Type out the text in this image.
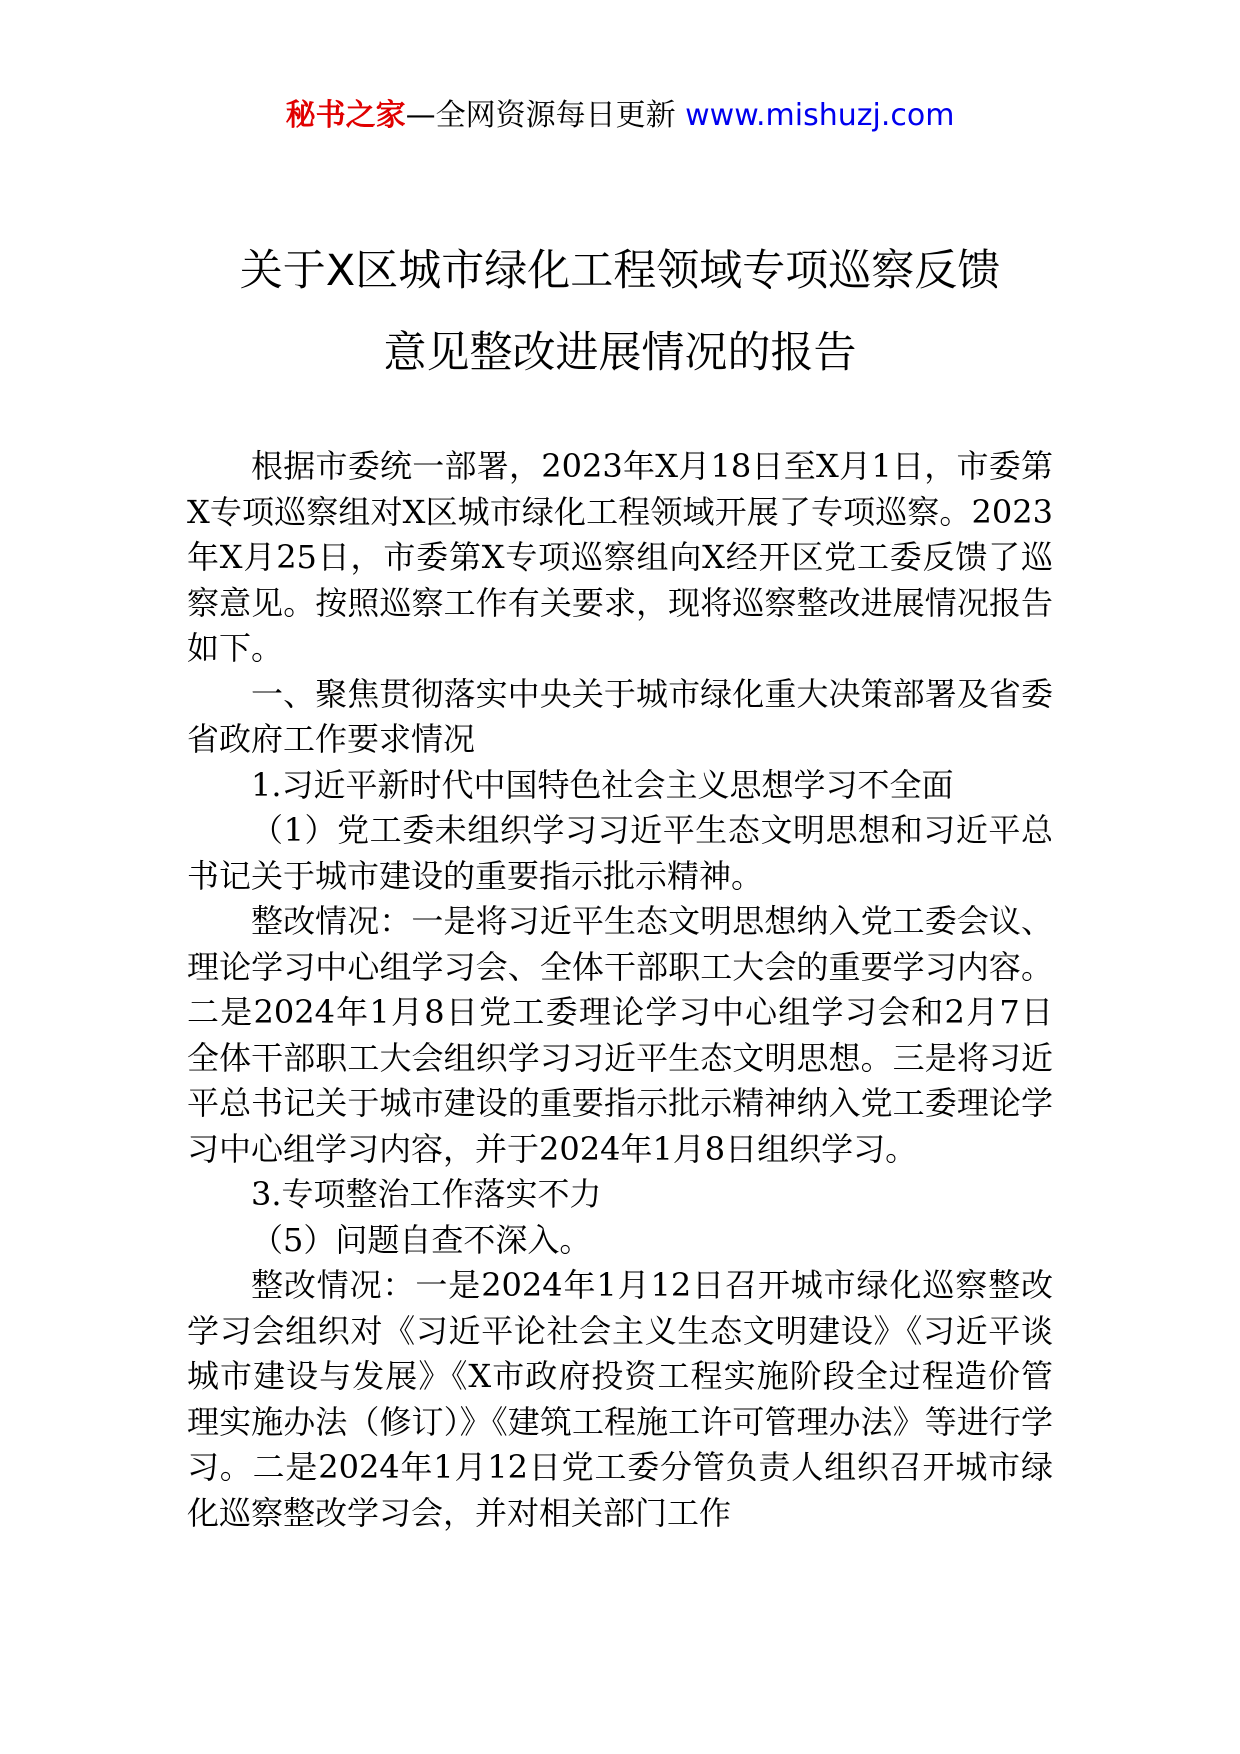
秘书之家—全网资源每日更新 www.mishuzj.com
关于X区城市绿化工程领域专项巡察反馈
意见整改进展情况的报告

根据市委统一部署，2023年X月18日至X月1日，市委第X专项巡察组对X区城市绿化工程领域开展了专项巡察。2023年X月25日，市委第X专项巡察组向X经开区党工委反馈了巡察意见。按照巡察工作有关要求，现将巡察整改进展情况报告如下。

一、聚焦贯彻落实中央关于城市绿化重大决策部署及省委省政府工作要求情况

1.习近平新时代中国特色社会主义思想学习不全面

（1）党工委未组织学习习近平生态文明思想和习近平总书记关于城市建设的重要指示批示精神。

整改情况：一是将习近平生态文明思想纳入党工委会议、理论学习中心组学习会、全体干部职工大会的重要学习内容。二是2024年1月8日党工委理论学习中心组学习会和2月7日全体干部职工大会组织学习习近平生态文明思想。三是将习近平总书记关于城市建设的重要指示批示精神纳入党工委理论学习中心组学习内容，并于2024年1月8日组织学习。

3.专项整治工作落实不力

（5）问题自查不深入。

整改情况：一是2024年1月12日召开城市绿化巡察整改学习会组织对《习近平论社会主义生态文明建设》《习近平谈城市建设与发展》《X市政府投资工程实施阶段全过程造价管理实施办法（修订）》《建筑工程施工许可管理办法》等进行学习。二是2024年1月12日党工委分管负责人组织召开城市绿化巡察整改学习会，并对相关部门工作
